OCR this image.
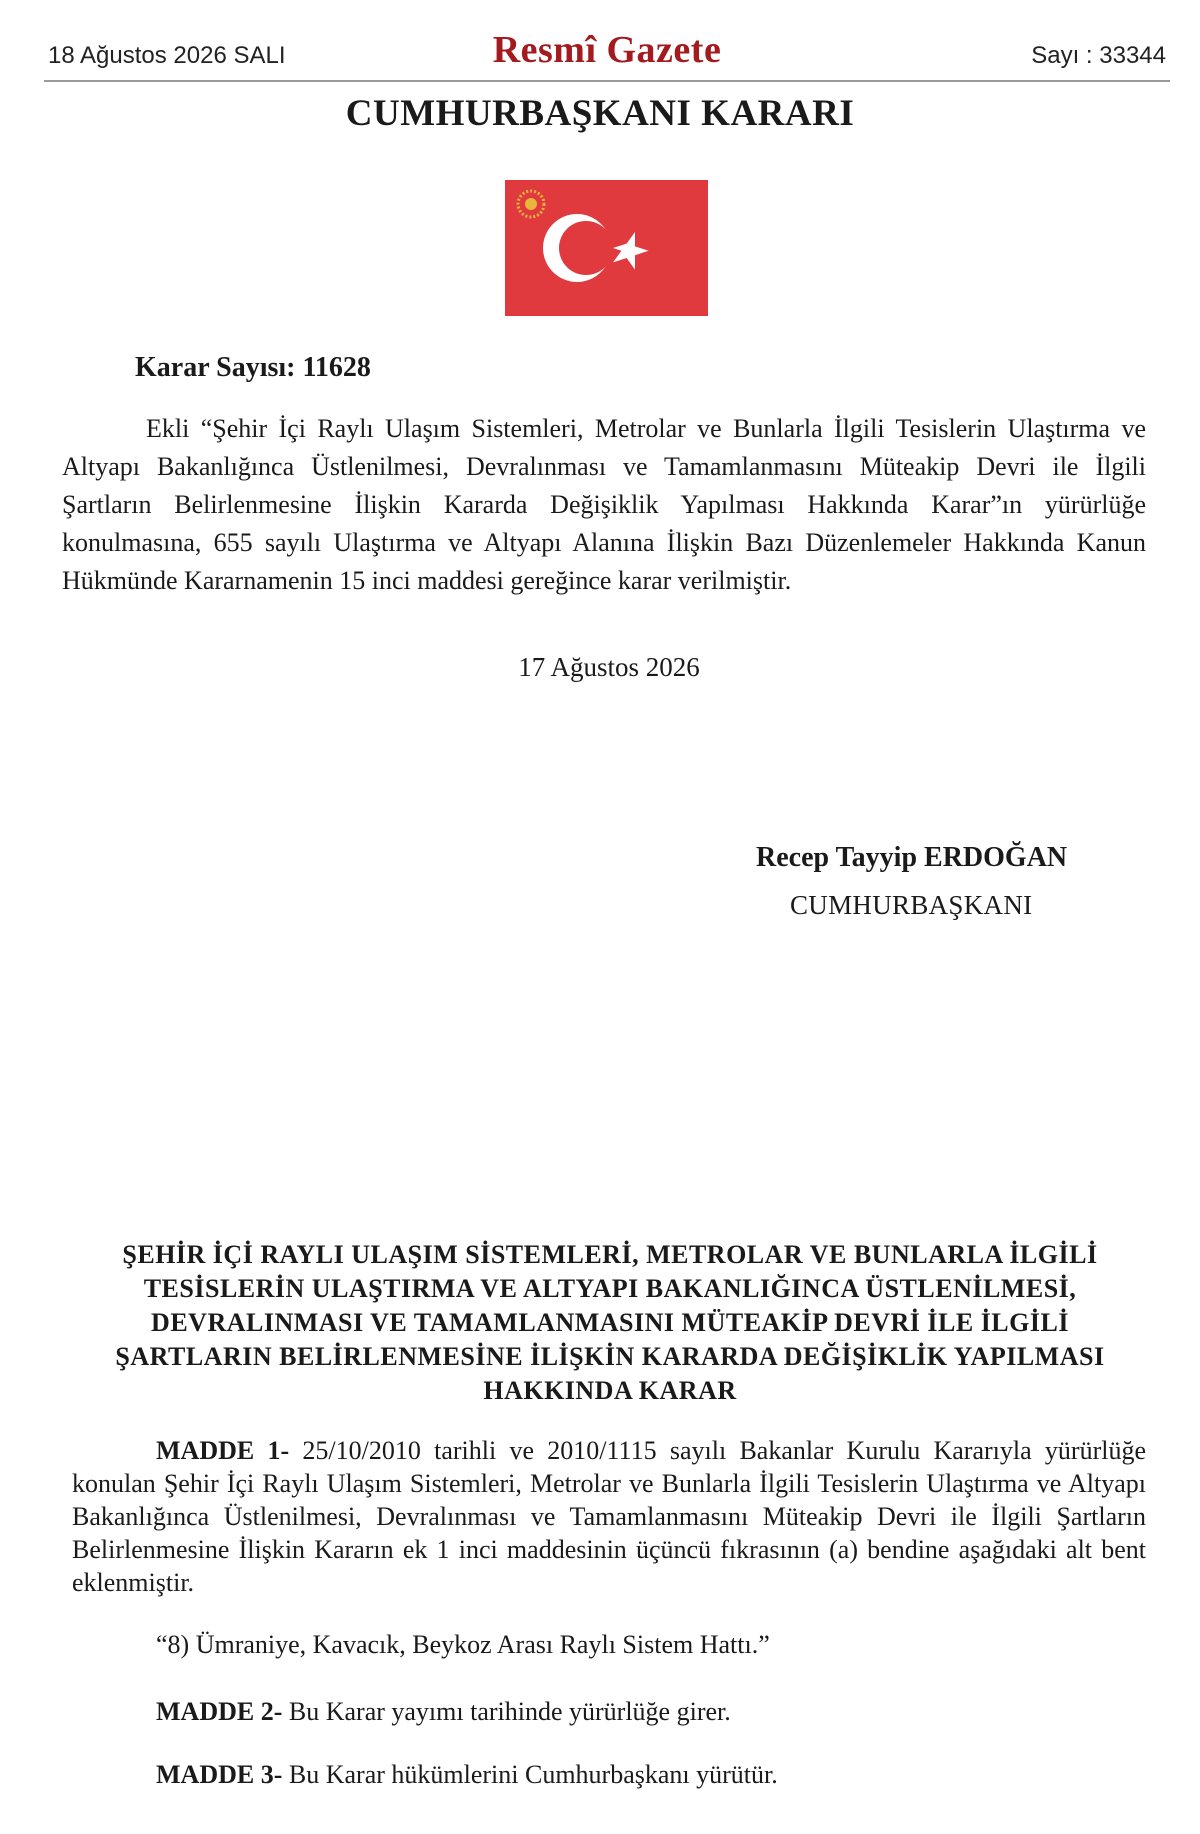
18 Ağustos 2026 SALI	Resmî Gazete	Sayı : 33344
CUMHURBAŞKANI KARARI
Karar Sayısı: 11628

Ekli “Şehir İçi Raylı Ulaşım Sistemleri, Metrolar ve Bunlarla İlgili Tesislerin Ulaştırma ve Altyapı Bakanlığınca Üstlenilmesi, Devralınması ve Tamamlanmasını Müteakip Devri ile İlgili Şartların Belirlenmesine İlişkin Kararda Değişiklik Yapılması Hakkında Karar”ın yürürlüğe konulmasına, 655 sayılı Ulaştırma ve Altyapı Alanına İlişkin Bazı Düzenlemeler Hakkında Kanun Hükmünde Kararnamenin 15 inci maddesi gereğince karar verilmiştir.

17 Ağustos 2026
Recep Tayyip ERDOĞAN
CUMHURBAŞKANI
ŞEHİR İÇİ RAYLI ULAŞIM SİSTEMLERİ, METROLAR VE BUNLARLA İLGİLİ TESİSLERİN ULAŞTIRMA VE ALTYAPI BAKANLIĞINCA ÜSTLENİLMESİ, DEVRALINMASI VE TAMAMLANMASINI MÜTEAKİP DEVRİ İLE İLGİLİ ŞARTLARIN BELİRLENMESİNE İLİŞKİN KARARDA DEĞİŞİKLİK YAPILMASI HAKKINDA KARAR

MADDE 1- 25/10/2010 tarihli ve 2010/1115 sayılı Bakanlar Kurulu Kararıyla yürürlüğe konulan Şehir İçi Raylı Ulaşım Sistemleri, Metrolar ve Bunlarla İlgili Tesislerin Ulaştırma ve Altyapı Bakanlığınca Üstlenilmesi, Devralınması ve Tamamlanmasını Müteakip Devri ile İlgili Şartların Belirlenmesine İlişkin Kararın ek 1 inci maddesinin üçüncü fıkrasının (a) bendine aşağıdaki alt bent eklenmiştir.

“8) Ümraniye, Kavacık, Beykoz Arası Raylı Sistem Hattı.”

MADDE 2- Bu Karar yayımı tarihinde yürürlüğe girer.

MADDE 3- Bu Karar hükümlerini Cumhurbaşkanı yürütür.
